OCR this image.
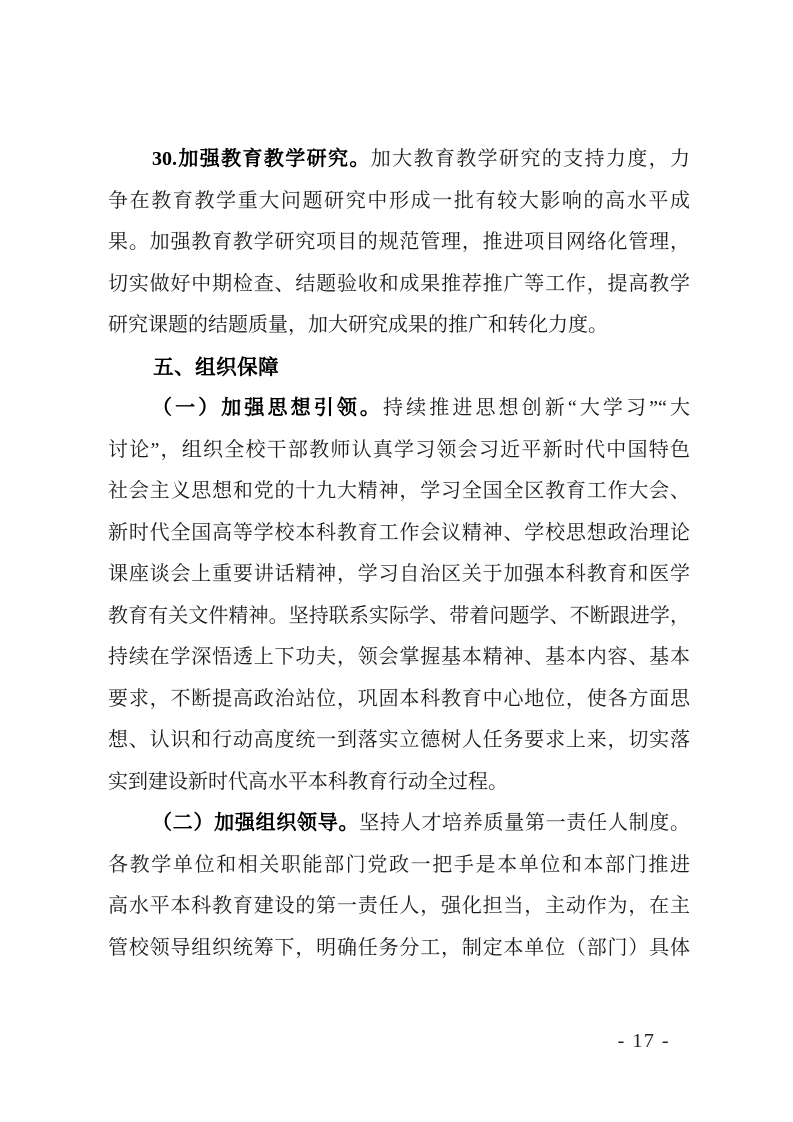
30.加强教育教学研究。加大教育教学研究的支持力度，力
争在教育教学重大问题研究中形成一批有较大影响的高水平成
果。加强教育教学研究项目的规范管理，推进项目网络化管理，
切实做好中期检查、结题验收和成果推荐推广等工作，提高教学
研究课题的结题质量，加大研究成果的推广和转化力度。
五、组织保障
（一）加强思想引领。持续推进思想创新“大学习”“大
讨论”，组织全校干部教师认真学习领会习近平新时代中国特色
社会主义思想和党的十九大精神，学习全国全区教育工作大会、
新时代全国高等学校本科教育工作会议精神、学校思想政治理论
课座谈会上重要讲话精神，学习自治区关于加强本科教育和医学
教育有关文件精神。坚持联系实际学、带着问题学、不断跟进学，
持续在学深悟透上下功夫，领会掌握基本精神、基本内容、基本
要求，不断提高政治站位，巩固本科教育中心地位，使各方面思
想、认识和行动高度统一到落实立德树人任务要求上来，切实落
实到建设新时代高水平本科教育行动全过程。
（二）加强组织领导。坚持人才培养质量第一责任人制度。
各教学单位和相关职能部门党政一把手是本单位和本部门推进
高水平本科教育建设的第一责任人，强化担当，主动作为，在主
管校领导组织统筹下，明确任务分工，制定本单位（部门）具体
- 17 -
